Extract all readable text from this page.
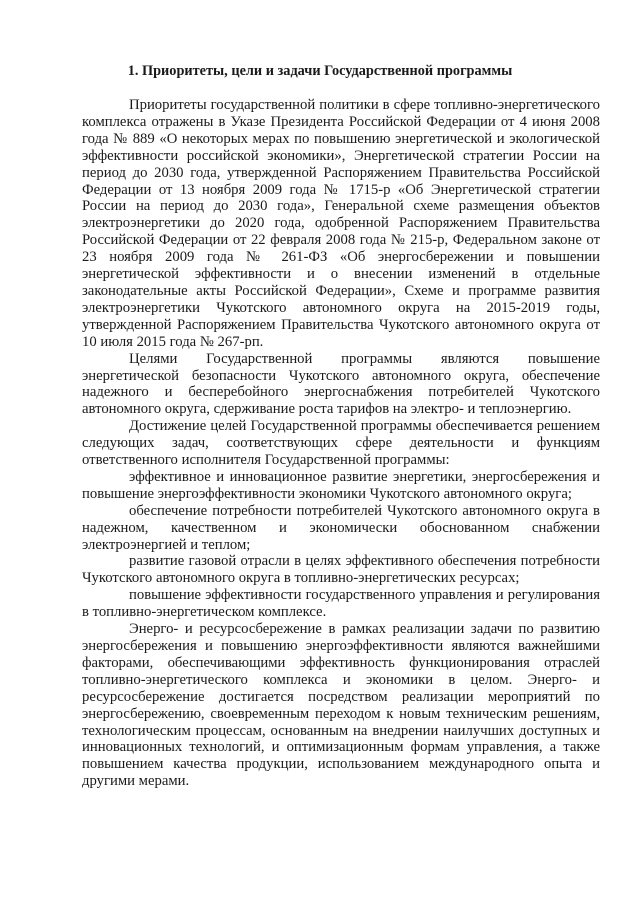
1. Приоритеты, цели и задачи Государственной программы

Приоритеты государственной политики в сфере топливно-энергетического комплекса отражены в Указе Президента Российской Федерации от 4 июня 2008 года № 889 «О некоторых мерах по повышению энергетической и экологической эффективности российской экономики», Энергетической стратегии России на период до 2030 года, утвержденной Распоряжением Правительства Российской Федерации от 13 ноября 2009 года № 1715-р «Об Энергетической стратегии России на период до 2030 года», Генеральной схеме размещения объектов электроэнергетики до 2020 года, одобренной Распоряжением Правительства Российской Федерации от 22 февраля 2008 года № 215-р, Федеральном законе от 23 ноября 2009 года № 261-ФЗ «Об энергосбережении и повышении энергетической эффективности и о внесении изменений в отдельные законодательные акты Российской Федерации», Схеме и программе развития электроэнергетики Чукотского автономного округа на 2015-2019 годы, утвержденной Распоряжением Правительства Чукотского автономного округа от 10 июля 2015 года № 267-рп.

Целями Государственной программы являются повышение энергетической безопасности Чукотского автономного округа, обеспечение надежного и бесперебойного энергоснабжения потребителей Чукотского автономного округа, сдерживание роста тарифов на электро- и теплоэнергию.

Достижение целей Государственной программы обеспечивается решением следующих задач, соответствующих сфере деятельности и функциям ответственного исполнителя Государственной программы:

эффективное и инновационное развитие энергетики, энергосбережения и повышение энергоэффективности экономики Чукотского автономного округа;

обеспечение потребности потребителей Чукотского автономного округа в надежном, качественном и экономически обоснованном снабжении электроэнергией и теплом;

развитие газовой отрасли в целях эффективного обеспечения потребности Чукотского автономного округа в топливно-энергетических ресурсах;

повышение эффективности государственного управления и регулирования в топливно-энергетическом комплексе.

Энерго- и ресурсосбережение в рамках реализации задачи по развитию энергосбережения и повышению энергоэффективности являются важнейшими факторами, обеспечивающими эффективность функционирования отраслей топливно-энергетического комплекса и экономики в целом. Энерго- и ресурсосбережение достигается посредством реализации мероприятий по энергосбережению, своевременным переходом к новым техническим решениям, технологическим процессам, основанным на внедрении наилучших доступных и инновационных технологий, и оптимизационным формам управления, а также повышением качества продукции, использованием международного опыта и другими мерами.
